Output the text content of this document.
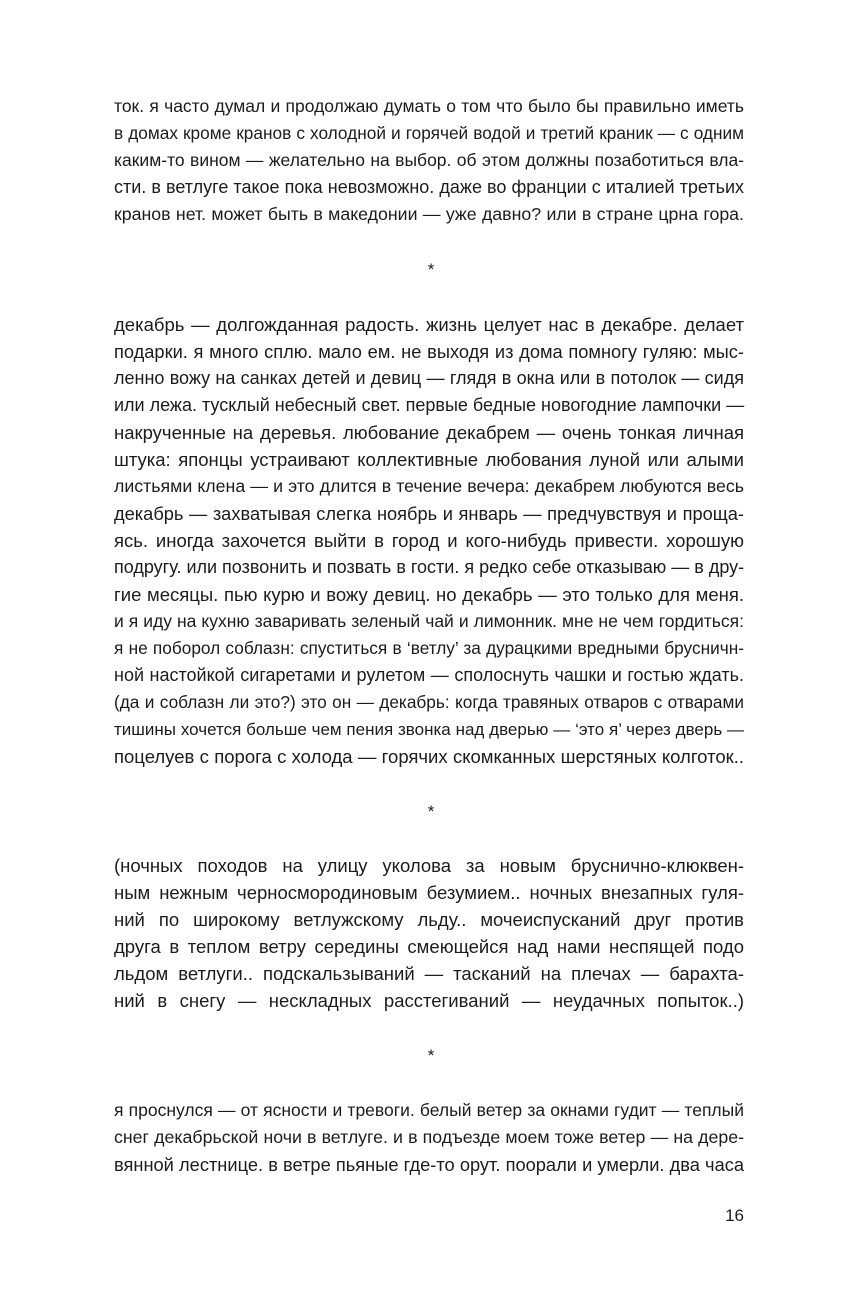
ток. я часто думал и продолжаю думать о том что было бы правильно иметь
в домах кроме кранов с холодной и горячей водой и третий краник — с одним
каким-то вином — желательно на выбор. об этом должны позаботиться вла-
сти. в ветлуге такое пока невозможно. даже во франции с италией третьих
кранов нет. может быть в македонии — уже давно? или в стране црна гора.
*
декабрь — долгожданная радость. жизнь целует нас в декабре. делает
подарки. я много сплю. мало ем. не выходя из дома помногу гуляю: мыс-
ленно вожу на санках детей и девиц — глядя в окна или в потолок — сидя
или лежа. тусклый небесный свет. первые бедные новогодние лампочки —
накрученные на деревья. любование декабрем — очень тонкая личная
штука: японцы устраивают коллективные любования луной или алыми
листьями клена — и это длится в течение вечера: декабрем любуются весь
декабрь — захватывая слегка ноябрь и январь — предчувствуя и проща-
ясь. иногда захочется выйти в город и кого-нибудь привести. хорошую
подругу. или позвонить и позвать в гости. я редко себе отказываю — в дру-
гие месяцы. пью курю и вожу девиц. но декабрь — это только для меня.
и я иду на кухню заваривать зеленый чай и лимонник. мне не чем гордиться:
я не поборол соблазн: спуститься в ‘ветлу’ за дурацкими вредными брусничн-
ной настойкой сигаретами и рулетом — сполоснуть чашки и гостью ждать.
(да и соблазн ли это?) это он — декабрь: когда травяных отваров с отварами
тишины хочется больше чем пения звонка над дверью — ‘это я’ через дверь —
поцелуев с порога с холода — горячих скомканных шерстяных колготок..
*
(ночных походов на улицу уколова за новым бруснично-клюквен-
ным нежным черносмородиновым безумием.. ночных внезапных гуля-
ний по широкому ветлужскому льду.. мочеиспусканий друг против
друга в теплом ветру середины смеющейся над нами неспящей подо
льдом ветлуги.. подскальзываний — тасканий на плечах — барахта-
ний в снегу — нескладных расстегиваний — неудачных попыток..)
*
я проснулся — от ясности и тревоги. белый ветер за окнами гудит — теплый
снег декабрьской ночи в ветлуге. и в подъезде моем тоже ветер — на дере-
вянной лестнице. в ветре пьяные где-то орут. поорали и умерли. два часа
16
